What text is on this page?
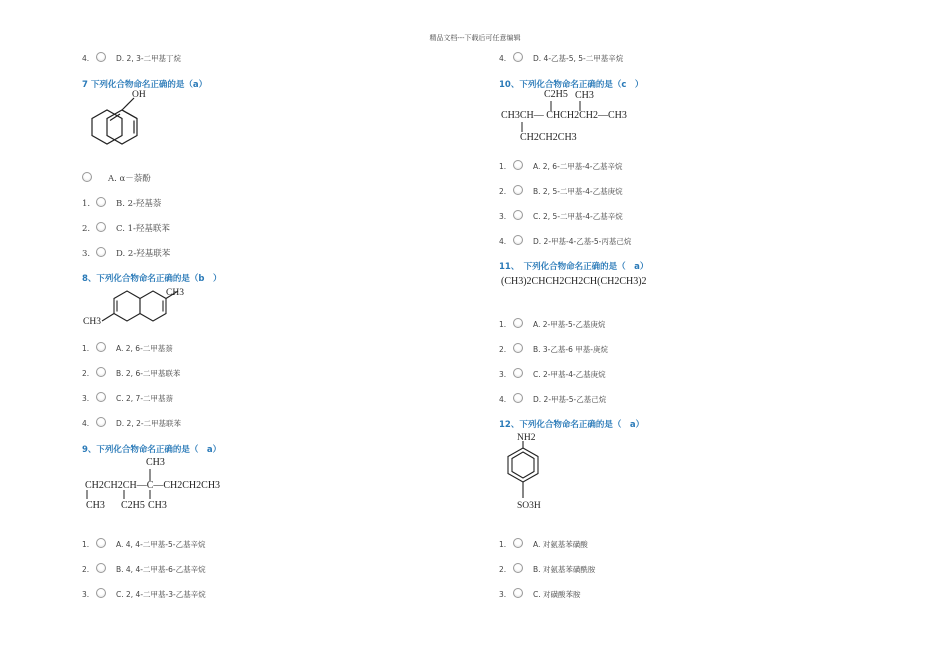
精品文档---下载后可任意编辑
4.	D. 2, 3-二甲基丁烷
7 下列化合物命名正确的是（a）
OH
A. α－萘酚
1.	B. 2-羟基萘
2.	C. 1-羟基联苯
3.	D. 2-羟基联苯
8、下列化合物命名正确的是（b　）
CH3
CH3
1.	A. 2, 6-二甲基萘
2.	B. 2, 6-二甲基联苯
3.	C. 2, 7-二甲基萘
4.	D. 2, 2-二甲基联苯
9、下列化合物命名正确的是（　a）
CH3
CH2CH2CH—C—CH2CH2CH3
CH3 C2H5 CH3
1.	A. 4, 4-二甲基-5-乙基辛烷
2.	B. 4, 4-二甲基-6-乙基辛烷
3.	C. 2, 4-二甲基-3-乙基辛烷
4.	D. 4-乙基-5, 5-二甲基辛烷
10、下列化合物命名正确的是（c　）
C2H5 CH3
CH3CH— CHCH2CH2—CH3
CH2CH2CH3
1.	A. 2, 6-二甲基-4-乙基辛烷
2.	B. 2, 5-二甲基-4-乙基庚烷
3.	C. 2, 5-二甲基-4-乙基辛烷
4.	D. 2-甲基-4-乙基-5-丙基己烷
11、　下列化合物命名正确的是（　a）
(CH3)2CHCH2CH2CH(CH2CH3)2
1.	A. 2-甲基-5-乙基庚烷
2.	B. 3-乙基-6 甲基-庚烷
3.	C. 2-甲基-4-乙基庚烷
4.	D. 2-甲基-5-乙基己烷
12、下列化合物命名正确的是（　a）
NH2
SO3H
1.	A. 对氨基苯磺酸
2.	B. 对氨基苯磺酰胺
3.	C. 对磺酸苯胺
